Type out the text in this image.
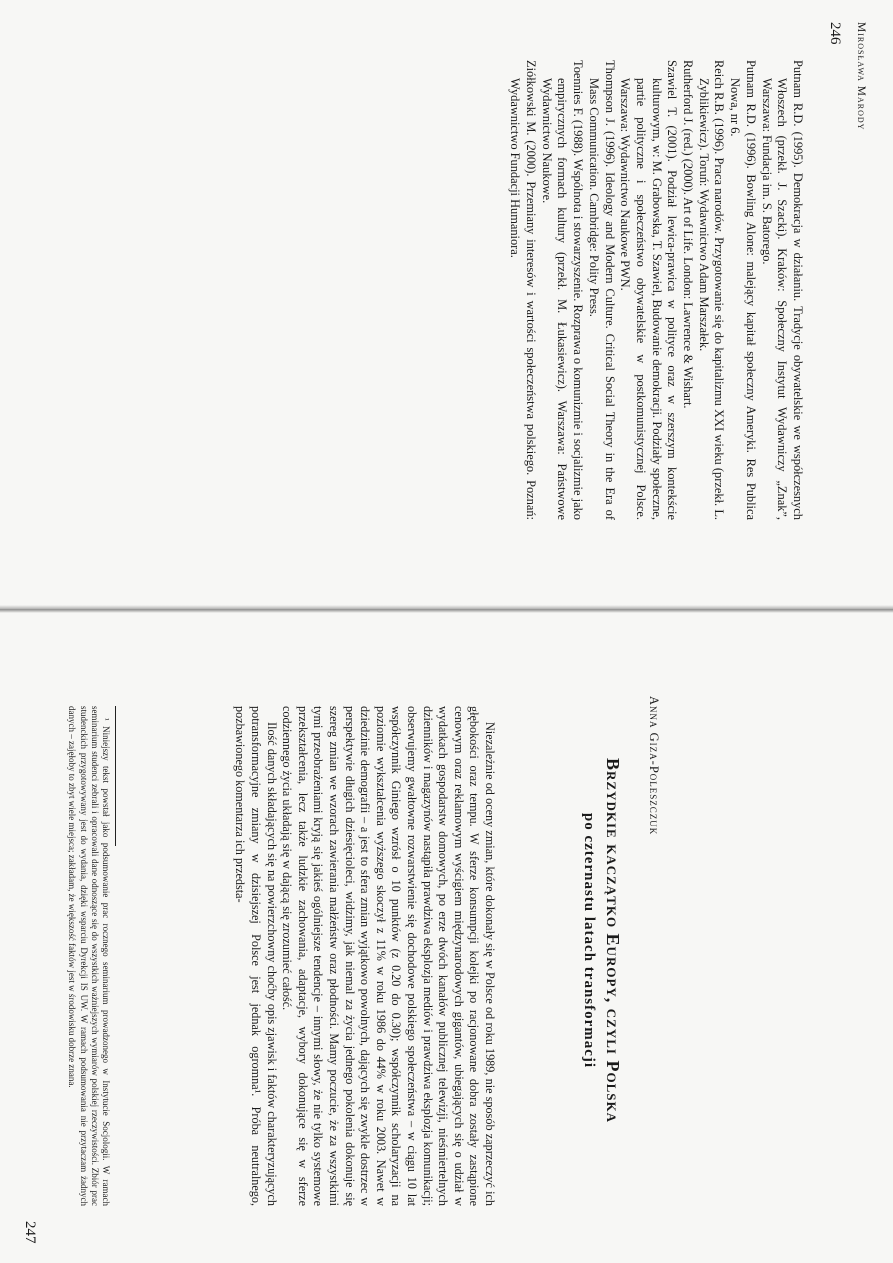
Mirosława Marody
246

Putnam R.D. (1995). Demokracja w działaniu. Tradycje obywatelskie we współczesnych Włoszech (przekł. J. Szacki). Kraków: Społeczny Instytut Wydawniczy „Znak”, Warszawa: Fundacja im. S. Batorego.

Putnam R.D. (1996). Bowling Alone: malejący kapitał społeczny Ameryki. Res Publica Nowa, nr 6.

Reich R.B. (1996). Praca narodów. Przygotowanie się do kapitalizmu XXI wieku (przekł. L. Zyblikiewicz). Toruń: Wydawnictwo Adam Marszałek.

Rutherford J. (red.) (2000). Art of Life. London: Lawrence & Wishart.

Szawiel T. (2001). Podział lewica-prawica w polityce oraz w szerszym kontekście kulturowym, w: M. Grabowska, T. Szawiel, Budowanie demokracji. Podziały społeczne, partie polityczne i społeczeństwo obywatelskie w postkomunistycznej Polsce. Warszawa: Wydawnictwo Naukowe PWN.

Thompson J. (1996). Ideology and Modern Culture. Critical Social Theory in the Era of Mass Communication. Cambridge: Polity Press.

Toennies F. (1988). Wspólnota i stowarzyszenie. Rozprawa o komunizmie i socjalizmie jako empirycznych formach kultury (przekł. M. Łukasiewicz). Warszawa: Państwowe Wydawnictwo Naukowe.

Ziółkowski M. (2000). Przemiany interesów i wartości społeczeństwa polskiego. Poznań: Wydawnictwo Fundacji Humaniora.

Anna Giza-Poleszczuk
Brzydkie kaczątko Europy, czyli Polska
po czternastu latach transformacji

Niezależnie od oceny zmian, które dokonały się w Polsce od roku 1989, nie sposób zaprzeczyć ich głębokości oraz tempu. W sferze konsumpcji kolejki po racjonowane dobra zostały zastąpione cenowym oraz reklamowym wyścigiem międzynarodowych gigantów, ubiegających się o udział w wydatkach gospodarstw domowych, po erze dwóch kanałów publicznej telewizji, nieśmiertelnych dzienników i magazynów nastąpiła prawdziwa eksplozja mediów i prawdziwa eksplozja komunikacji; obserwujemy gwałtowne rozwarstwienie się dochodowe polskiego społeczeństwa – w ciągu 10 lat współczynnik Giniego wzrósł o 10 punktów (z 0.20 do 0.30); współczynnik scholaryzacji na poziomie wykształcenia wyższego skoczył z 11% w roku 1986 do 44% w roku 2003. Nawet w dziedzinie demografii – a jest to sfera zmian wyjątkowo powolnych, dających się zwykle dostrzec w perspektywie długich dziesięcioleci, widzimy, jak niemal za życia jednego pokolenia dokonuje się szereg zmian we wzorach zawierania małżeństw oraz płodności. Mamy poczucie, że za wszystkimi tymi przeobrażeniami kryją się jakieś ogólniejsze tendencje – innymi słowy, że nie tylko systemowe przekształcenia, lecz także ludzkie zachowania, adaptacje, wybory dokonujące się w sferze codziennego życia układają się w dającą się zrozumieć całość.

Ilość danych składających się na powierzchowny choćby opis zjawisk i faktów charakteryzujących potransformacyjne zmiany w dzisiejszej Polsce jest jednak ogromna¹. Próba neutralnego, pozbawionego komentarza ich przedsta-

¹ Niniejszy tekst powstał jako podsumowanie prac rocznego seminarium prowadzonego w Instytucie Socjologii. W ramach seminarium studenci zebrali i opracowali dane odnoszące się do wszystkich ważniejszych wymiarów polskiej rzeczywistości. Zbiór prac studenckich przygotowywany jest do wydania, dzięki wsparciu Dyrekcji IS UW. W ramach podsumowania nie przytaczam żadnych danych – zajęłoby to zbyt wiele miejsca; zakładam, że większość faktów jest w środowisku dobrze znana.

247
